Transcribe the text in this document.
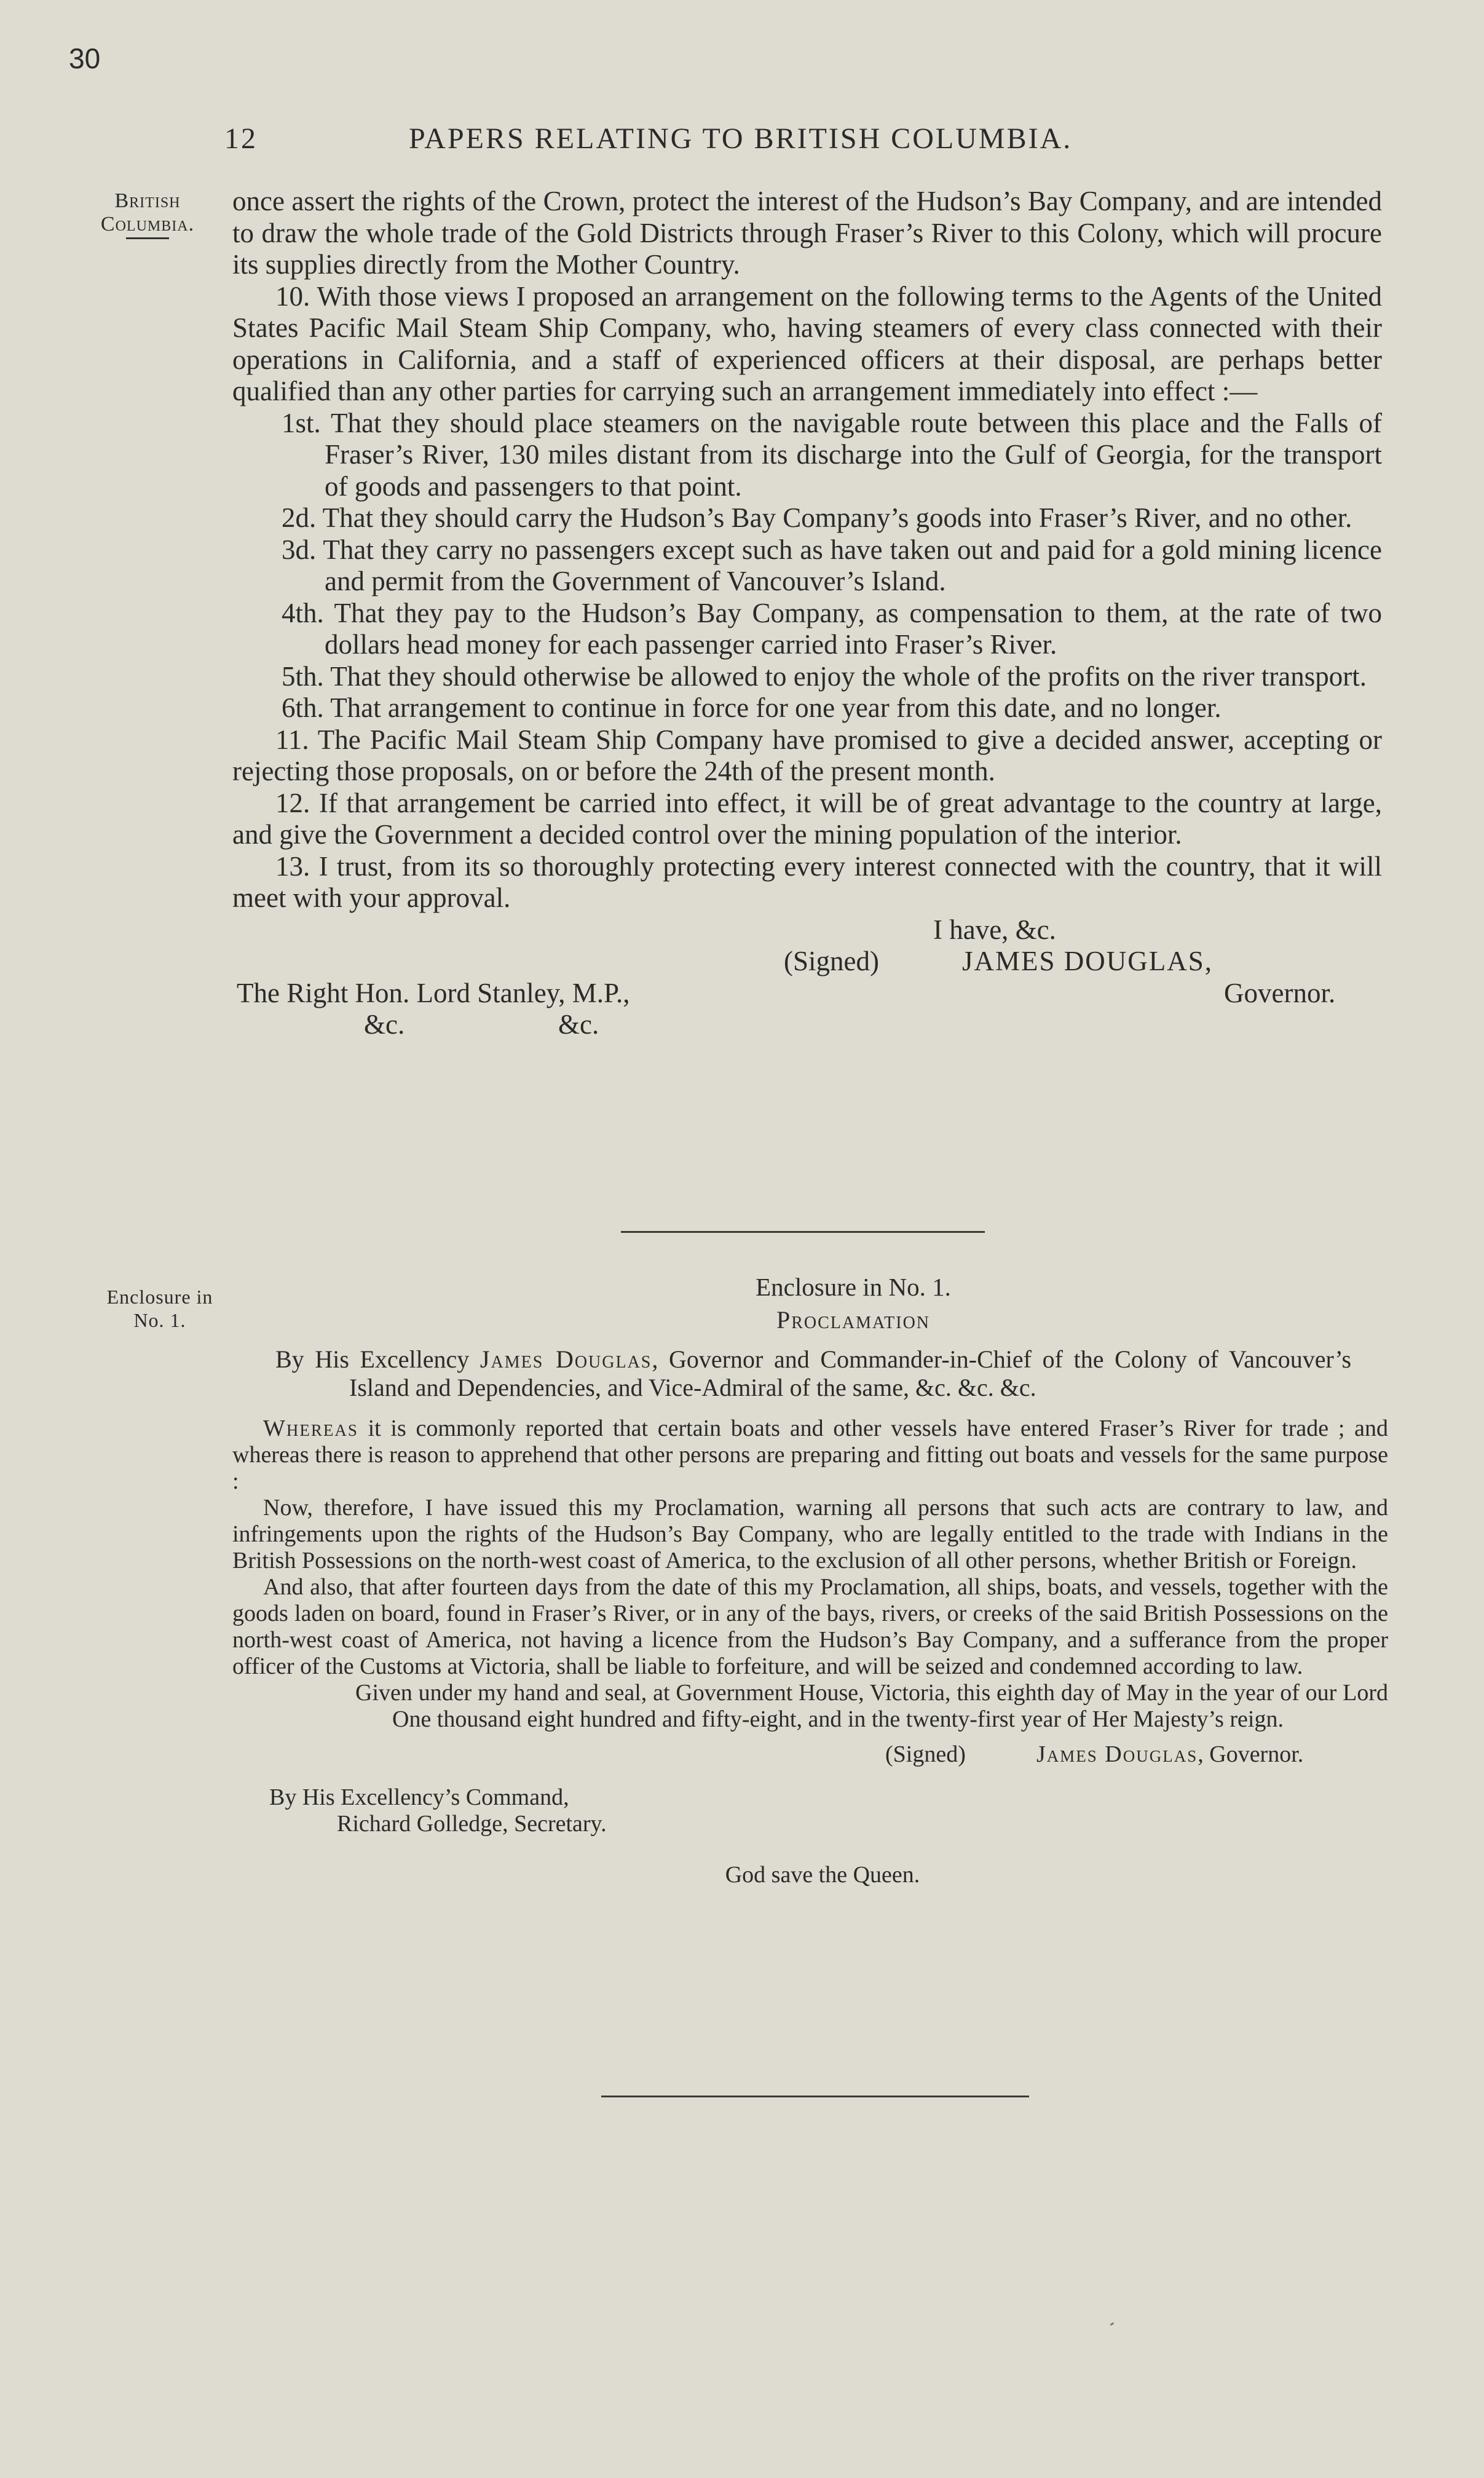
30
12	PAPERS RELATING TO BRITISH COLUMBIA.
British
Columbia.

once assert the rights of the Crown, protect the interest of the Hudson’s Bay Company, and are intended to draw the whole trade of the Gold Districts through Fraser’s River to this Colony, which will procure its supplies directly from the Mother Country.

10. With those views I proposed an arrangement on the following terms to the Agents of the United States Pacific Mail Steam Ship Company, who, having steamers of every class connected with their operations in California, and a staff of experienced officers at their disposal, are perhaps better qualified than any other parties for carrying such an arrangement immediately into effect :—

1st. That they should place steamers on the navigable route between this place and the Falls of Fraser’s River, 130 miles distant from its discharge into the Gulf of Georgia, for the transport of goods and passengers to that point.

2d. That they should carry the Hudson’s Bay Company’s goods into Fraser’s River, and no other.

3d. That they carry no passengers except such as have taken out and paid for a gold mining licence and permit from the Government of Vancouver’s Island.

4th. That they pay to the Hudson’s Bay Company, as compensation to them, at the rate of two dollars head money for each passenger carried into Fraser’s River.

5th. That they should otherwise be allowed to enjoy the whole of the profits on the river transport.

6th. That arrangement to continue in force for one year from this date, and no longer.

11. The Pacific Mail Steam Ship Company have promised to give a decided answer, accepting or rejecting those proposals, on or before the 24th of the present month.

12. If that arrangement be carried into effect, it will be of great advantage to the country at large, and give the Government a decided control over the mining population of the interior.

13. I trust, from its so thoroughly protecting every interest connected with the country, that it will meet with your approval.

I have, &c.
(Signed)	JAMES DOUGLAS,
The Right Hon. Lord Stanley, M.P.,	Governor.
&c.	&c.
Enclosure in
No. 1.

Enclosure in No. 1.

Proclamation

By His Excellency James Douglas, Governor and Commander-in-Chief of the Colony of Vancouver’s Island and Dependencies, and Vice-Admiral of the same, &c. &c. &c.

Whereas it is commonly reported that certain boats and other vessels have entered Fraser’s River for trade ; and whereas there is reason to apprehend that other persons are preparing and fitting out boats and vessels for the same purpose :

Now, therefore, I have issued this my Proclamation, warning all persons that such acts are contrary to law, and infringements upon the rights of the Hudson’s Bay Company, who are legally entitled to the trade with Indians in the British Possessions on the north-west coast of America, to the exclusion of all other persons, whether British or Foreign.

And also, that after fourteen days from the date of this my Proclamation, all ships, boats, and vessels, together with the goods laden on board, found in Fraser’s River, or in any of the bays, rivers, or creeks of the said British Possessions on the north-west coast of America, not having a licence from the Hudson’s Bay Company, and a sufferance from the proper officer of the Customs at Victoria, shall be liable to forfeiture, and will be seized and condemned according to law.

Given under my hand and seal, at Government House, Victoria, this eighth day of May in the year of our Lord One thousand eight hundred and fifty-eight, and in the twenty-first year of Her Majesty’s reign.

(Signed)	James Douglas, Governor.

By His Excellency’s Command,

Richard Golledge, Secretary.

God save the Queen.
